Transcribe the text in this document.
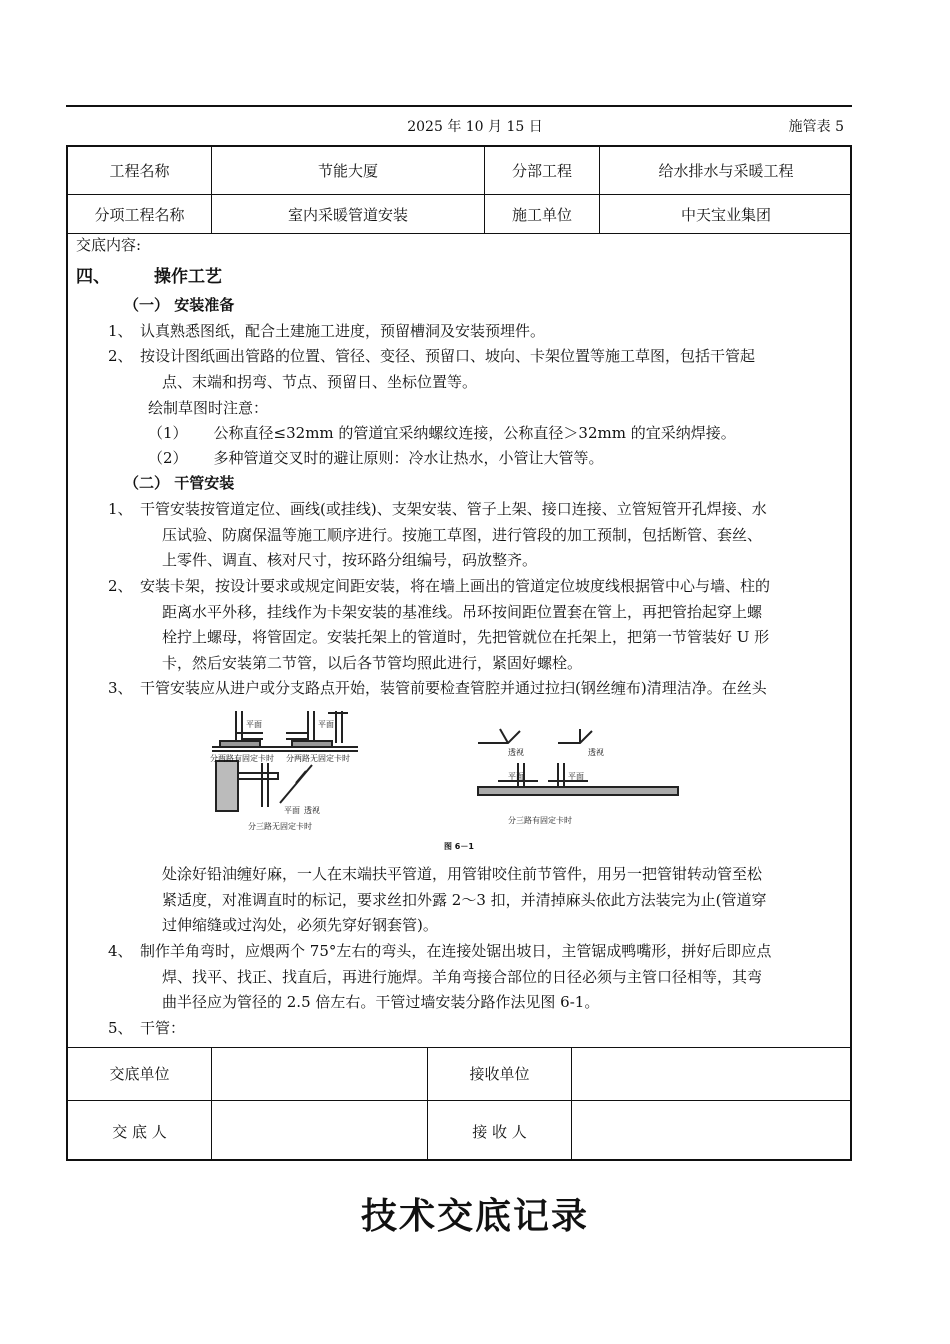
2025 年 10 月 15 日	施管表 5
工程名称	节能大厦	分部工程	给水排水与采暖工程
分项工程名称	室内采暖管道安装	施工单位	中天宝业集团
交底内容:
四、	操作工艺
（一） 安装准备
1、 认真熟悉图纸，配合土建施工进度，预留槽洞及安装预埋件。
2、 按设计图纸画出管路的位置、管径、变径、预留口、坡向、卡架位置等施工草图，包括干管起
点、末端和拐弯、节点、预留日、坐标位置等。
绘制草图时注意：
（1） 公称直径≤32mm 的管道宜采纳螺纹连接，公称直径＞32mm 的宜采纳焊接。
（2） 多种管道交叉时的避让原则：冷水让热水，小管让大管等。
（二） 干管安装
1、 干管安装按管道定位、画线(或挂线)、支架安装、管子上架、接口连接、立管短管开孔焊接、水
压试验、防腐保温等施工顺序进行。按施工草图，进行管段的加工预制，包括断管、套丝、
上零件、调直、核对尺寸，按环路分组编号，码放整齐。
2、 安装卡架，按设计要求或规定间距安装，将在墙上画出的管道定位坡度线根据管中心与墙、柱的
距离水平外移，挂线作为卡架安装的基准线。吊环按间距位置套在管上，再把管抬起穿上螺
栓拧上螺母，将管固定。安装托架上的管道时，先把管就位在托架上，把第一节管装好 U 形
卡，然后安装第二节管，以后各节管均照此进行，紧固好螺栓。
3、 干管安装应从进户或分支路点开始，装管前要检查管腔并通过拉扫(钢丝缠布)清理洁净。在丝头
平面	平面
分两路有固定卡时 分两路无固定卡时
透视	透视
平面 透视
分三路无固定卡时
平面	平面
分三路有固定卡时
图 6－1
处涂好铅油缠好麻，一人在末端扶平管道，用管钳咬住前节管件，用另一把管钳转动管至松
紧适度，对准调直时的标记，要求丝扣外露 2～3 扣，并清掉麻头依此方法装完为止(管道穿
过伸缩缝或过沟处，必须先穿好钢套管)。
4、 制作羊角弯时，应煨两个 75°左右的弯头，在连接处锯出坡日，主管锯成鸭嘴形，拼好后即应点
焊、找平、找正、找直后，再进行施焊。羊角弯接合部位的日径必须与主管口径相等，其弯
曲半径应为管径的 2.5 倍左右。干管过墙安装分路作法见图 6-1。
5、 干管：
交底单位	接收单位
交 底 人	接 收 人
技术交底记录
